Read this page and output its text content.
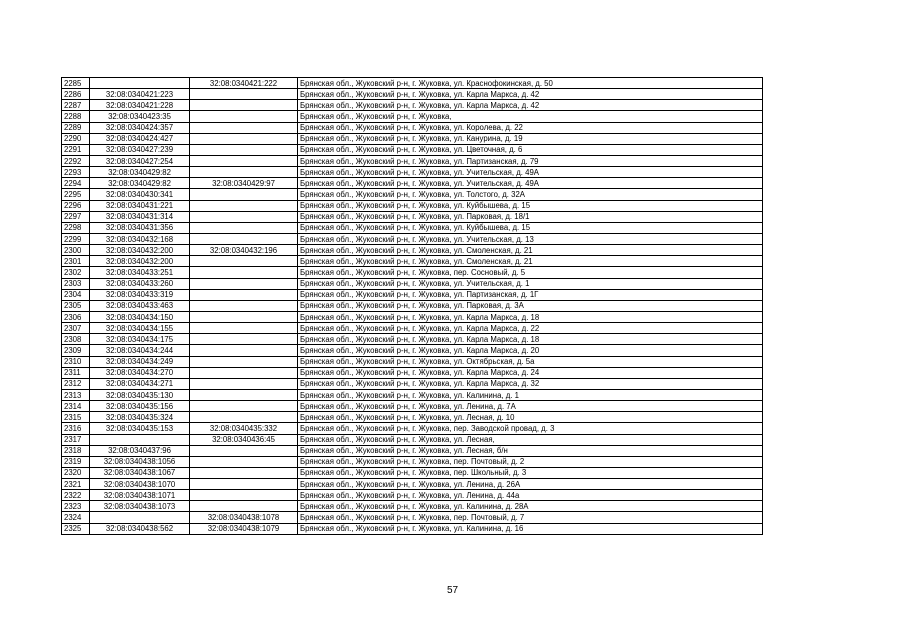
2285		32:08:0340421:222	Брянская обл., Жуковский р-н, г. Жуковка, ул. Краснофокинская, д. 50
2286	32:08:0340421:223		Брянская обл., Жуковский р-н, г. Жуковка, ул. Карла Маркса, д. 42
2287	32:08:0340421:228		Брянская обл., Жуковский р-н, г. Жуковка, ул. Карла Маркса, д. 42
2288	32:08:0340423:35		Брянская обл., Жуковский р-н, г. Жуковка,
2289	32:08:0340424:357		Брянская обл., Жуковский р-н, г. Жуковка, ул. Королева, д. 22
2290	32:08:0340424:427		Брянская обл., Жуковский р-н, г. Жуковка, ул. Канурина, д. 19
2291	32:08:0340427:239		Брянская обл., Жуковский р-н, г. Жуковка, ул. Цветочная, д. 6
2292	32:08:0340427:254		Брянская обл., Жуковский р-н, г. Жуковка, ул. Партизанская, д. 79
2293	32:08:0340429:82		Брянская обл., Жуковский р-н, г. Жуковка, ул. Учительская, д. 49А
2294	32:08:0340429:82	32:08:0340429:97	Брянская обл., Жуковский р-н, г. Жуковка, ул. Учительская, д. 49А
2295	32:08:0340430:341		Брянская обл., Жуковский р-н, г. Жуковка, ул. Толстого, д. 32А
2296	32:08:0340431:221		Брянская обл., Жуковский р-н, г. Жуковка, ул. Куйбышева, д. 15
2297	32:08:0340431:314		Брянская обл., Жуковский р-н, г. Жуковка, ул. Парковая, д. 18/1
2298	32:08:0340431:356		Брянская обл., Жуковский р-н, г. Жуковка, ул. Куйбышева, д. 15
2299	32:08:0340432:168		Брянская обл., Жуковский р-н, г. Жуковка, ул. Учительская, д. 13
2300	32:08:0340432:200	32:08:0340432:196	Брянская обл., Жуковский р-н, г. Жуковка, ул. Смоленская, д. 21
2301	32:08:0340432:200		Брянская обл., Жуковский р-н, г. Жуковка, ул. Смоленская, д. 21
2302	32:08:0340433:251		Брянская обл., Жуковский р-н, г. Жуковка, пер. Сосновый, д. 5
2303	32:08:0340433:260		Брянская обл., Жуковский р-н, г. Жуковка, ул. Учительская, д. 1
2304	32:08:0340433:319		Брянская обл., Жуковский р-н, г. Жуковка, ул. Партизанская, д. 1Г
2305	32:08:0340433:463		Брянская обл., Жуковский р-н, г. Жуковка, ул. Парковая, д. 3А
2306	32:08:0340434:150		Брянская обл., Жуковский р-н, г. Жуковка, ул. Карла Маркса, д. 18
2307	32:08:0340434:155		Брянская обл., Жуковский р-н, г. Жуковка, ул. Карла Маркса, д. 22
2308	32:08:0340434:175		Брянская обл., Жуковский р-н, г. Жуковка, ул. Карла Маркса, д. 18
2309	32:08:0340434:244		Брянская обл., Жуковский р-н, г. Жуковка, ул. Карла Маркса, д. 20
2310	32:08:0340434:249		Брянская обл., Жуковский р-н, г. Жуковка, ул. Октябрьская, д. 5а
2311	32:08:0340434:270		Брянская обл., Жуковский р-н, г. Жуковка, ул. Карла Маркса, д. 24
2312	32:08:0340434:271		Брянская обл., Жуковский р-н, г. Жуковка, ул. Карла Маркса, д. 32
2313	32:08:0340435:130		Брянская обл., Жуковский р-н, г. Жуковка, ул. Калинина, д. 1
2314	32:08:0340435:156		Брянская обл., Жуковский р-н, г. Жуковка, ул. Ленина, д. 7А
2315	32:08:0340435:324		Брянская обл., Жуковский р-н, г. Жуковка, ул. Лесная, д. 10
2316	32:08:0340435:153	32:08:0340435:332	Брянская обл., Жуковский р-н, г. Жуковка, пер. Заводской провад, д. 3
2317		32:08:0340436:45	Брянская обл., Жуковский р-н, г. Жуковка, ул. Лесная,
2318	32:08:0340437:96		Брянская обл., Жуковский р-н, г. Жуковка, ул. Лесная, б/н
2319	32:08:0340438:1056		Брянская обл., Жуковский р-н, г. Жуковка, пер. Почтовый, д. 2
2320	32:08:0340438:1067		Брянская обл., Жуковский р-н, г. Жуковка, пер. Школьный, д. 3
2321	32:08:0340438:1070		Брянская обл., Жуковский р-н, г. Жуковка, ул. Ленина, д. 26А
2322	32:08:0340438:1071		Брянская обл., Жуковский р-н, г. Жуковка, ул. Ленина, д. 44а
2323	32:08:0340438:1073		Брянская обл., Жуковский р-н, г. Жуковка, ул. Калинина, д. 28А
2324		32:08:0340438:1078	Брянская обл., Жуковский р-н, г. Жуковка, пер. Почтовый, д. 7
2325	32:08:0340438:562	32:08:0340438:1079	Брянская обл., Жуковский р-н, г. Жуковка, ул. Калинина, д. 16
57
